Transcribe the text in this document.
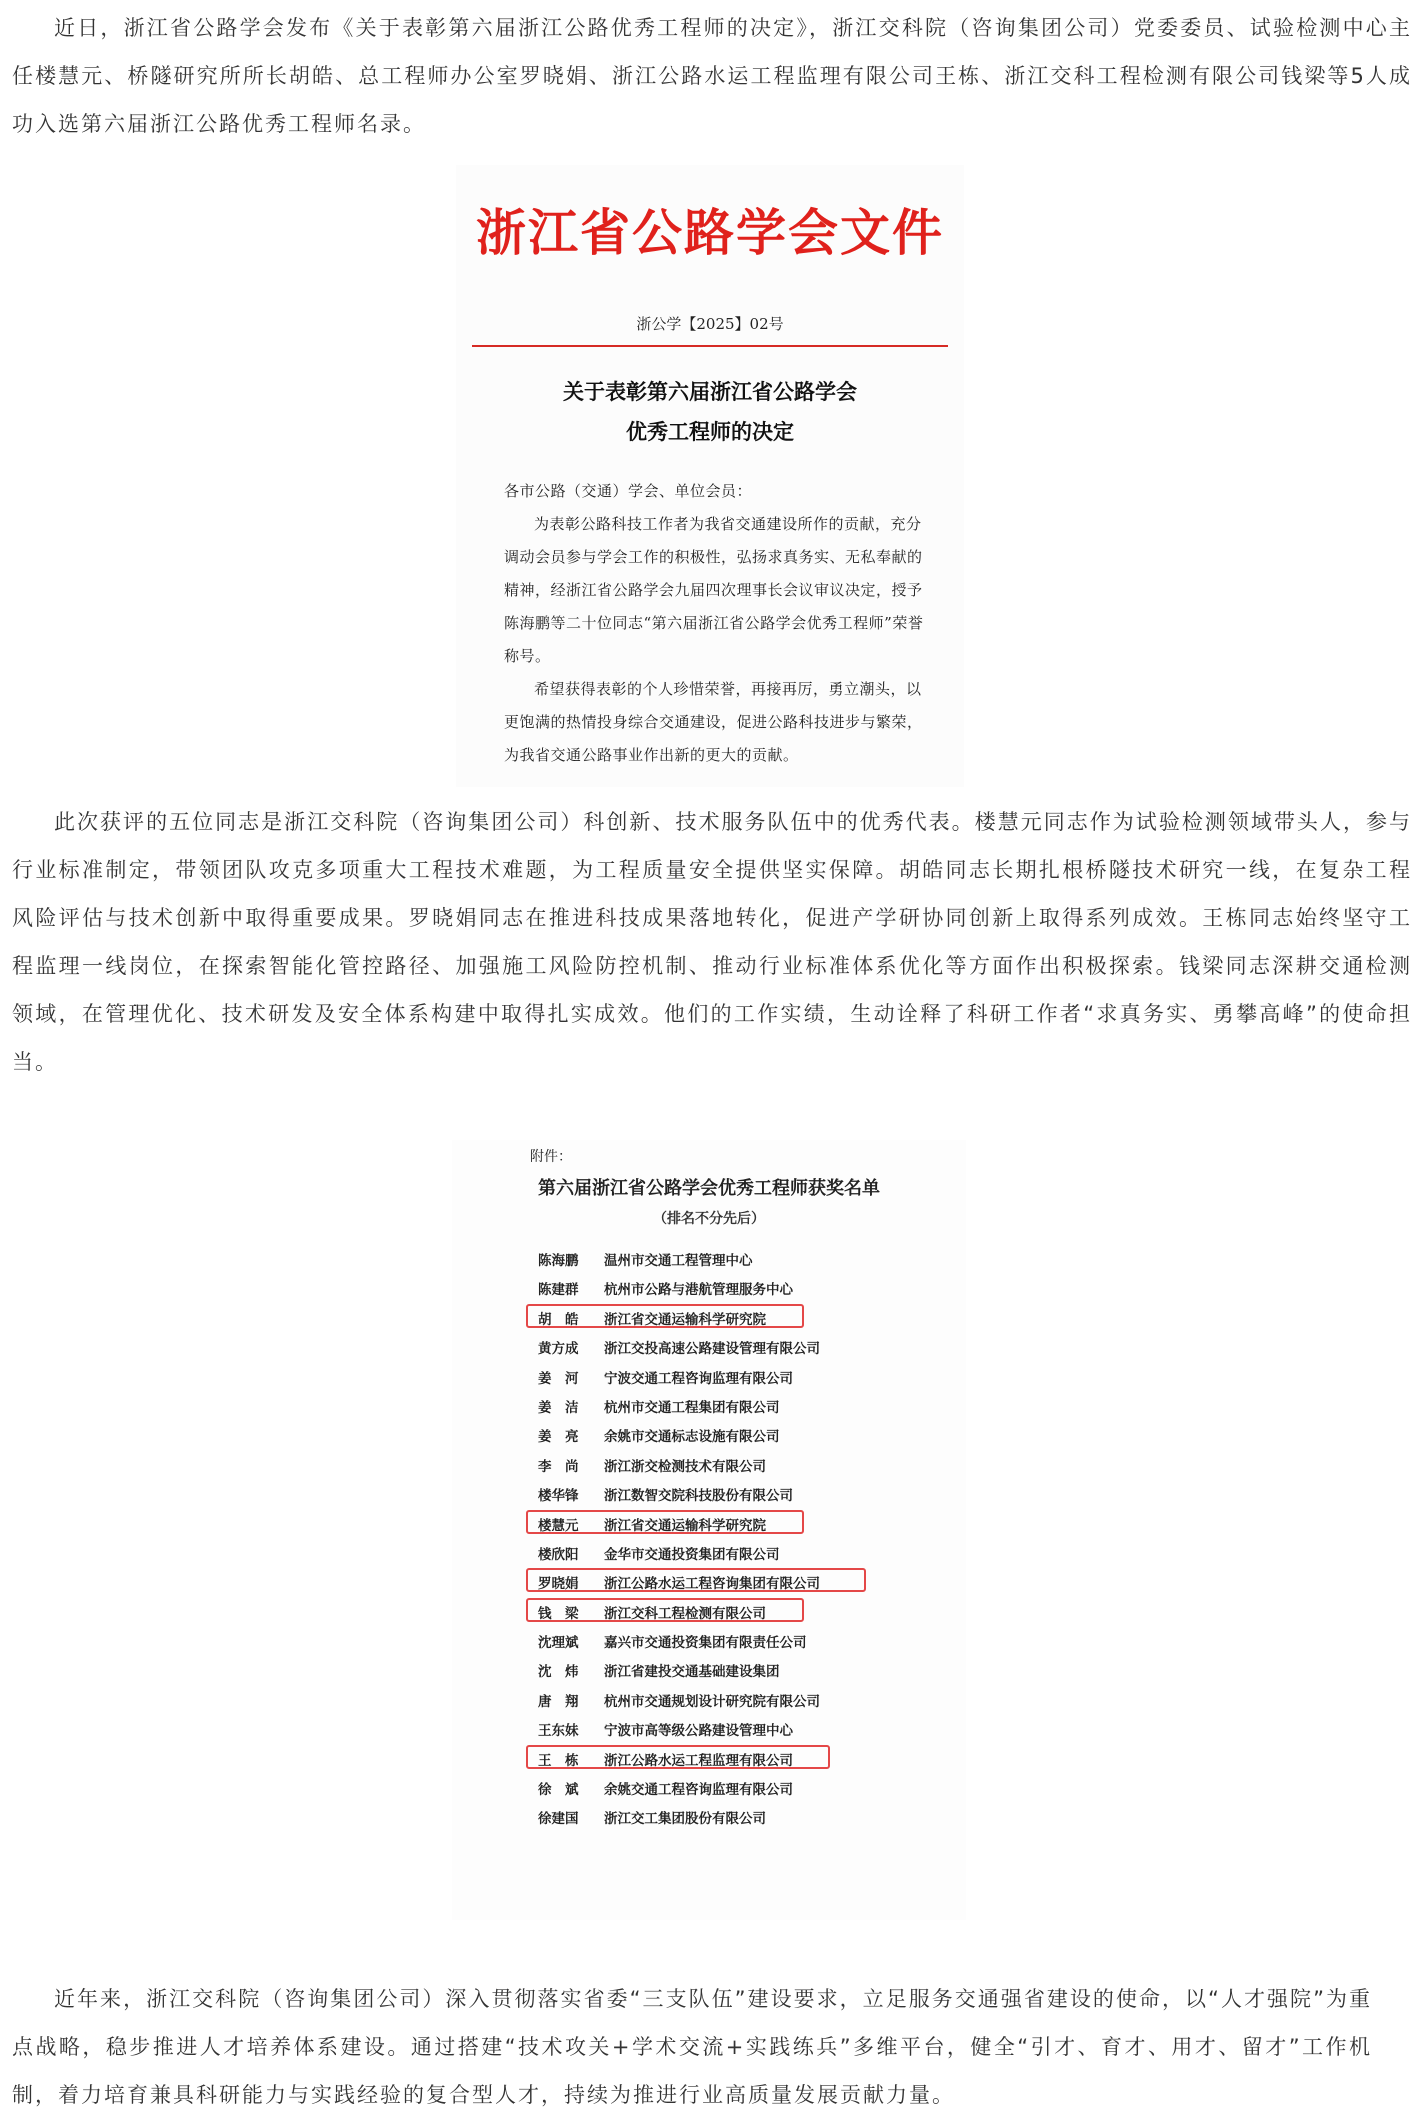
近日，浙江省公路学会发布《关于表彰第六届浙江公路优秀工程师的决定》，浙江交科院（咨询集团公司）党委委员、试验检测中心主任楼慧元、桥隧研究所所长胡皓、总工程师办公室罗晓娟、浙江公路水运工程监理有限公司王栋、浙江交科工程检测有限公司钱梁等5人成功入选第六届浙江公路优秀工程师名录。

浙江省公路学会文件
浙公学【2025】02号
关于表彰第六届浙江省公路学会
优秀工程师的决定
各市公路（交通）学会、单位会员：
为表彰公路科技工作者为我省交通建设所作的贡献，充分调动会员参与学会工作的积极性，弘扬求真务实、无私奉献的精神，经浙江省公路学会九届四次理事长会议审议决定，授予陈海鹏等二十位同志“第六届浙江省公路学会优秀工程师”荣誉称号。
希望获得表彰的个人珍惜荣誉，再接再厉，勇立潮头，以更饱满的热情投身综合交通建设，促进公路科技进步与繁荣，为我省交通公路事业作出新的更大的贡献。

此次获评的五位同志是浙江交科院（咨询集团公司）科创新、技术服务队伍中的优秀代表。楼慧元同志作为试验检测领域带头人，参与行业标准制定，带领团队攻克多项重大工程技术难题，为工程质量安全提供坚实保障。胡皓同志长期扎根桥隧技术研究一线，在复杂工程风险评估与技术创新中取得重要成果。罗晓娟同志在推进科技成果落地转化，促进产学研协同创新上取得系列成效。王栋同志始终坚守工程监理一线岗位，在探索智能化管控路径、加强施工风险防控机制、推动行业标准体系优化等方面作出积极探索。钱梁同志深耕交通检测领域，在管理优化、技术研发及安全体系构建中取得扎实成效。他们的工作实绩，生动诠释了科研工作者“求真务实、勇攀高峰”的使命担当。

附件：
第六届浙江省公路学会优秀工程师获奖名单
（排名不分先后）
陈海鹏	温州市交通工程管理中心
陈建群	杭州市公路与港航管理服务中心
胡　皓	浙江省交通运输科学研究院
黄方成	浙江交投高速公路建设管理有限公司
姜　河	宁波交通工程咨询监理有限公司
姜　洁	杭州市交通工程集团有限公司
姜　亮	余姚市交通标志设施有限公司
李　尚	浙江浙交检测技术有限公司
楼华锋	浙江数智交院科技股份有限公司
楼慧元	浙江省交通运输科学研究院
楼欣阳	金华市交通投资集团有限公司
罗晓娟	浙江公路水运工程咨询集团有限公司
钱　梁	浙江交科工程检测有限公司
沈理斌	嘉兴市交通投资集团有限责任公司
沈　炜	浙江省建投交通基础建设集团
唐　翔	杭州市交通规划设计研究院有限公司
王东妹	宁波市高等级公路建设管理中心
王　栋	浙江公路水运工程监理有限公司
徐　斌	余姚交通工程咨询监理有限公司
徐建国	浙江交工集团股份有限公司

近年来，浙江交科院（咨询集团公司）深入贯彻落实省委“三支队伍”建设要求，立足服务交通强省建设的使命，以“人才强院”为重点战略，稳步推进人才培养体系建设。通过搭建“技术攻关+学术交流+实践练兵”多维平台，健全“引才、育才、用才、留才”工作机制，着力培育兼具科研能力与实践经验的复合型人才，持续为推进行业高质量发展贡献力量。
